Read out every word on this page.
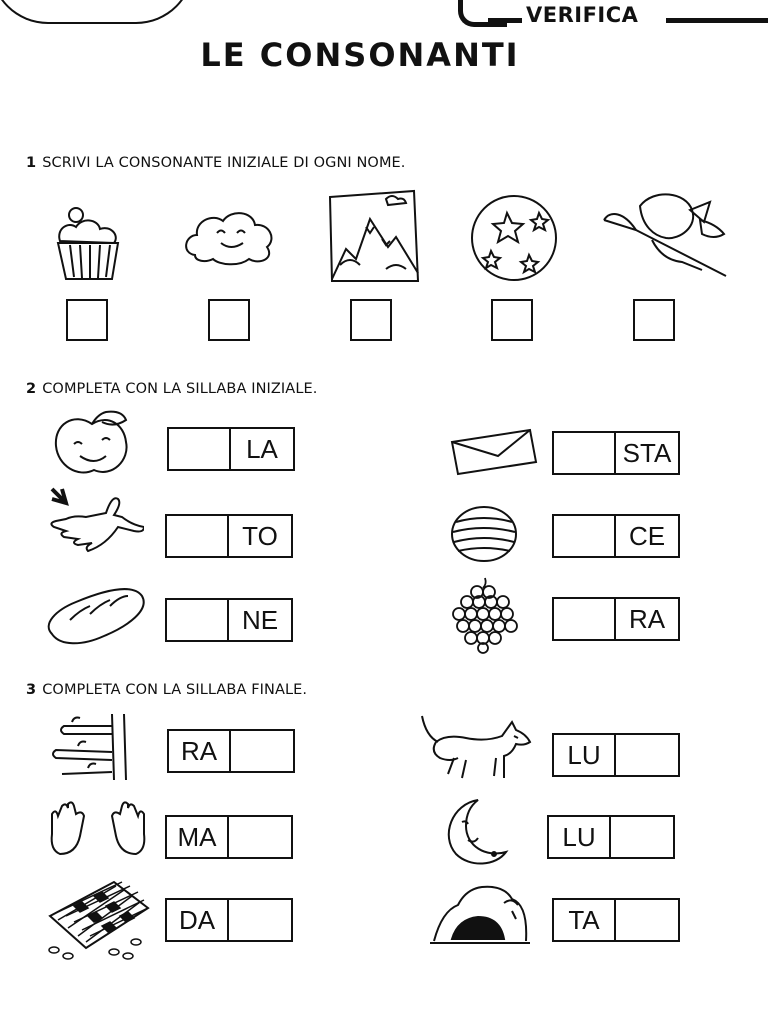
VERIFICA
LE CONSONANTI
1 SCRIVI LA CONSONANTE INIZIALE DI OGNI NOME.
2 COMPLETA CON LA SILLABA INIZIALE.
LA	STA
TO	CE
NE	RA
3 COMPLETA CON LA SILLABA FINALE.
RA	LU
MA	LU
DA	TA
